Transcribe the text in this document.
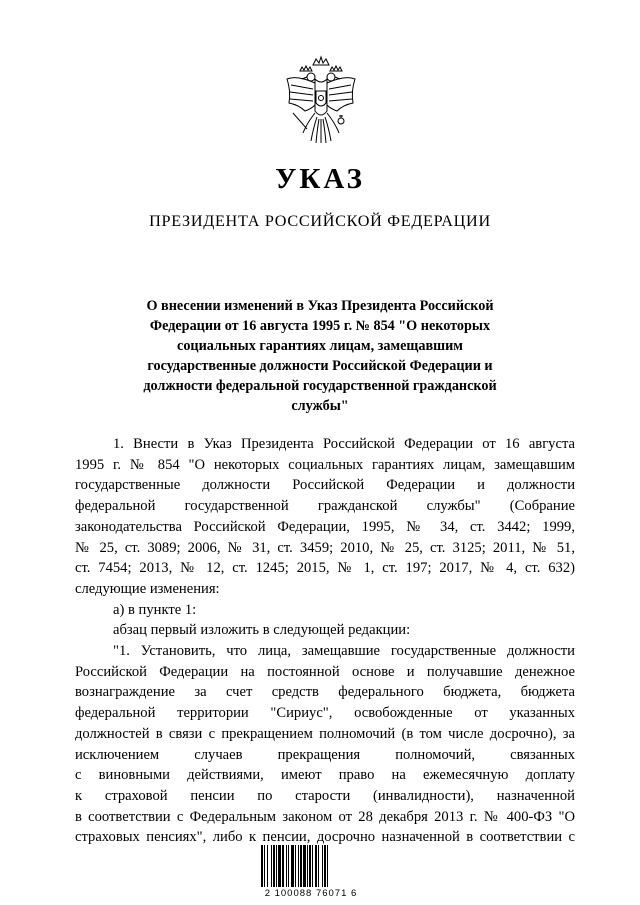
УКАЗ
ПРЕЗИДЕНТА РОССИЙСКОЙ ФЕДЕРАЦИИ
О внесении изменений в Указ Президента Российской
Федерации от 16 августа 1995 г. № 854 "О некоторых
социальных гарантиях лицам, замещавшим
государственные должности Российской Федерации и
должности федеральной государственной гражданской
службы"

1. Внести в Указ Президента Российской Федерации от 16 августа

1995 г. № 854 "О некоторых социальных гарантиях лицам, замещавшим

государственные должности Российской Федерации и должности

федеральной государственной гражданской службы" (Собрание

законодательства Российской Федерации, 1995, № 34, ст. 3442; 1999,

№ 25, ст. 3089; 2006, № 31, ст. 3459; 2010, № 25, ст. 3125; 2011, № 51,

ст. 7454; 2013, № 12, ст. 1245; 2015, № 1, ст. 197; 2017, № 4, ст. 632)

следующие изменения:

а) в пункте 1:

абзац первый изложить в следующей редакции:

"1. Установить, что лица, замещавшие государственные должности

Российской Федерации на постоянной основе и получавшие денежное

вознаграждение за счет средств федерального бюджета, бюджета

федеральной территории "Сириус", освобожденные от указанных

должностей в связи с прекращением полномочий (в том числе досрочно), за

исключением случаев прекращения полномочий, связанных

с виновными действиями, имеют право на ежемесячную доплату

к страховой пенсии по старости (инвалидности), назначенной

в соответствии с Федеральным законом от 28 декабря 2013 г. № 400-ФЗ "О

страховых пенсиях", либо к пенсии, досрочно назначенной в соответствии с

2 100088 76071 6
